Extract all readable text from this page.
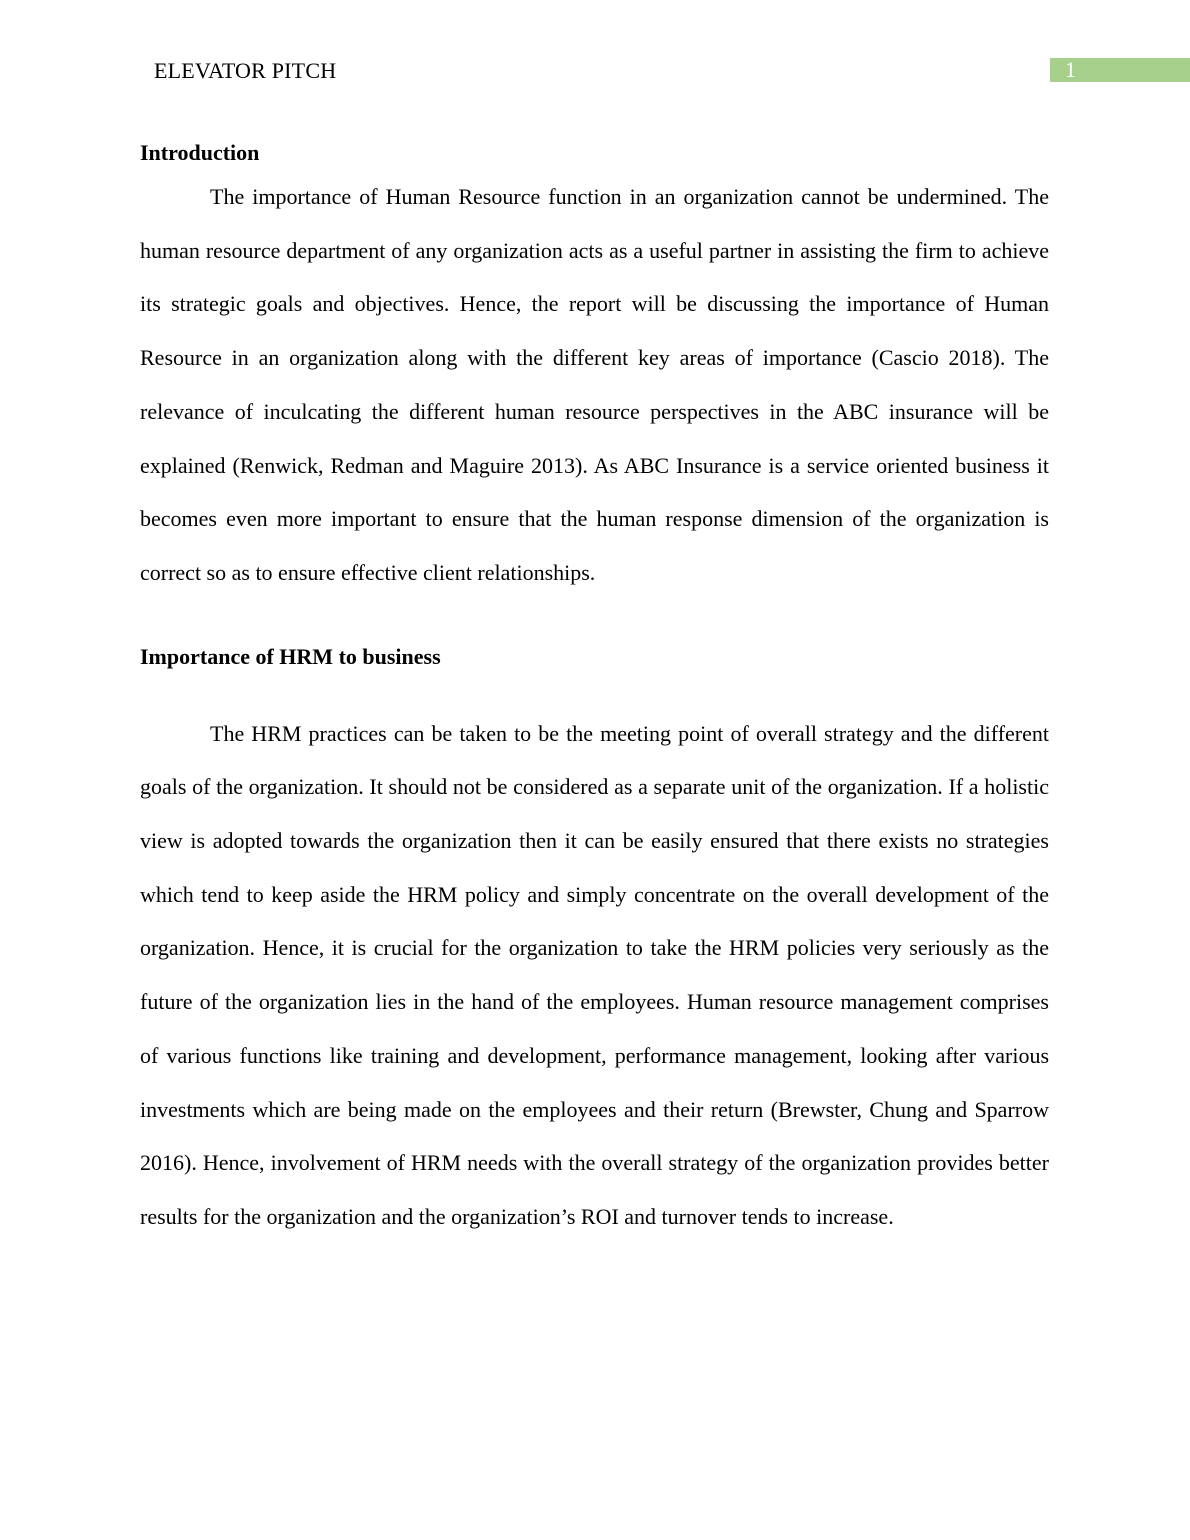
ELEVATOR PITCH	1
Introduction

The importance of Human Resource function in an organization cannot be undermined. The human resource department of any organization acts as a useful partner in assisting the firm to achieve its strategic goals and objectives. Hence, the report will be discussing the importance of Human Resource in an organization along with the different key areas of importance (Cascio 2018). The relevance of inculcating the different human resource perspectives in the ABC insurance will be explained (Renwick, Redman and Maguire 2013). As ABC Insurance is a service oriented business it becomes even more important to ensure that the human response dimension of the organization is correct so as to ensure effective client relationships.

Importance of HRM to business

The HRM practices can be taken to be the meeting point of overall strategy and the different goals of the organization. It should not be considered as a separate unit of the organization. If a holistic view is adopted towards the organization then it can be easily ensured that there exists no strategies which tend to keep aside the HRM policy and simply concentrate on the overall development of the organization. Hence, it is crucial for the organization to take the HRM policies very seriously as the future of the organization lies in the hand of the employees. Human resource management comprises of various functions like training and development, performance management, looking after various investments which are being made on the employees and their return (Brewster, Chung and Sparrow 2016). Hence, involvement of HRM needs with the overall strategy of the organization provides better results for the organization and the organization’s ROI and turnover tends to increase.
